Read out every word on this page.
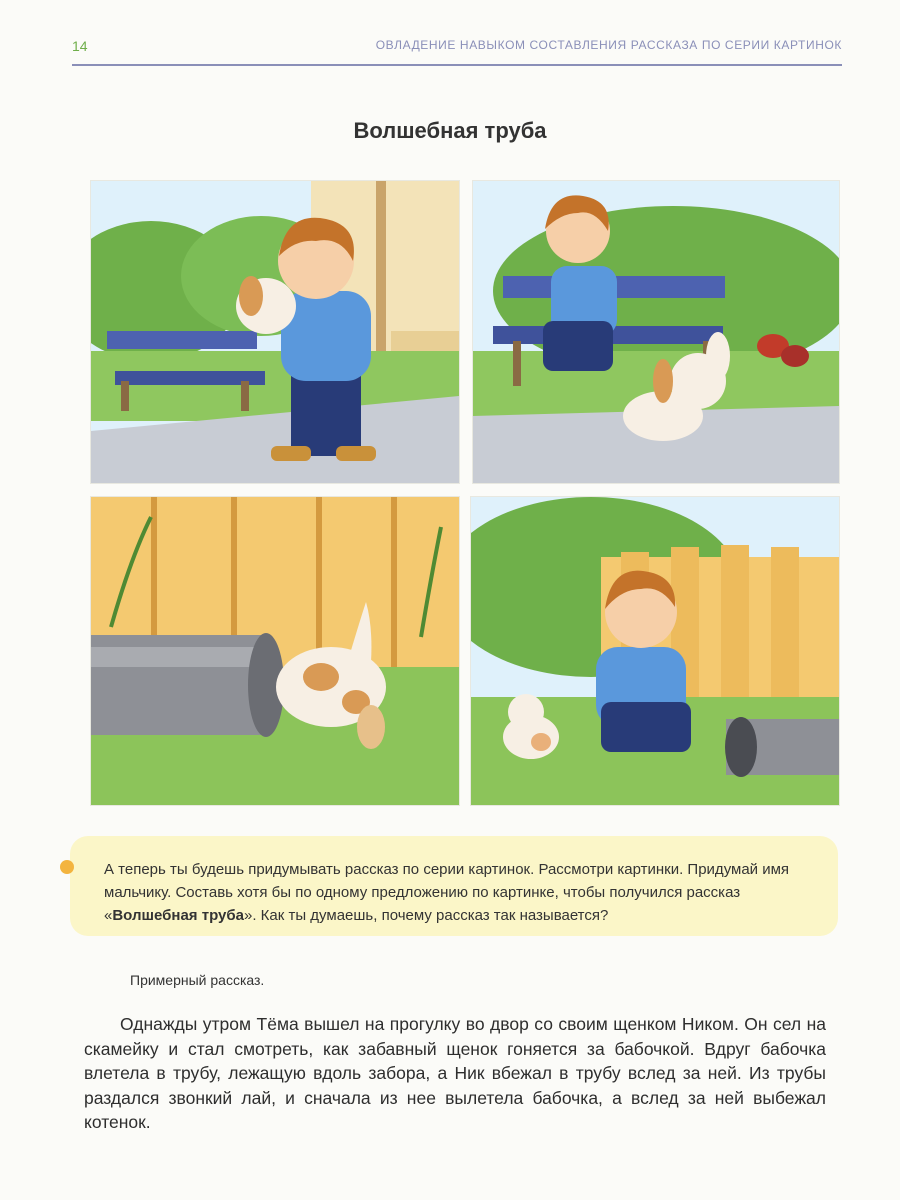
14	ОВЛАДЕНИЕ НАВЫКОМ СОСТАВЛЕНИЯ РАССКАЗА ПО СЕРИИ КАРТИНОК
Волшебная труба
А теперь ты будешь придумывать рассказ по серии картинок. Рассмотри картинки. Придумай имя мальчику. Составь хотя бы по одному предложению по картинке, чтобы получился рассказ «Волшебная труба». Как ты думаешь, почему рассказ так называется?
Примерный рассказ.
Однажды утром Тёма вышел на прогулку во двор со своим щенком Ником. Он сел на скамейку и стал смотреть, как забавный щенок гоняется за бабочкой. Вдруг бабочка влетела в трубу, лежащую вдоль забора, а Ник вбежал в трубу вслед за ней. Из трубы раздался звонкий лай, и сначала из нее вылетела бабочка, а вслед за ней выбежал котенок.
